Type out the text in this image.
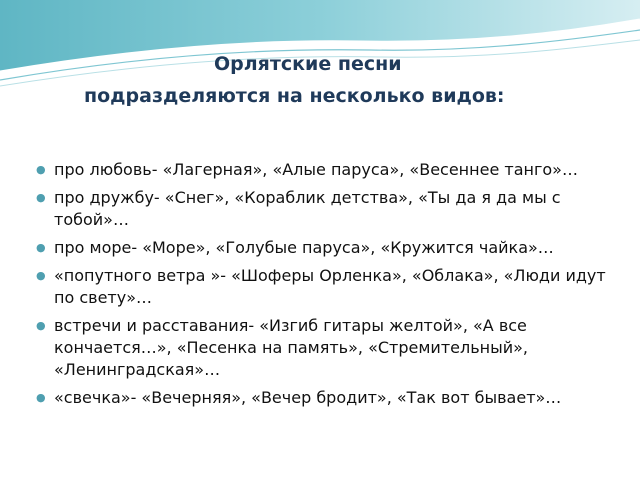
Орлятские песни
подразделяются на несколько видов:
● про любовь- «Лагерная», «Алые паруса», «Весеннее танго»…
● про дружбу- «Снег», «Кораблик детства», «Ты да я да мы с тобой»…
● про море- «Море», «Голубые паруса», «Кружится чайка»…
● «попутного ветра »- «Шоферы Орленка», «Облака», «Люди идут по свету»…
● встречи и расставания- «Изгиб гитары желтой», «А все кончается…», «Песенка на память», «Стремительный», «Ленинградская»…
● «свечка»- «Вечерняя», «Вечер бродит», «Так вот бывает»…
